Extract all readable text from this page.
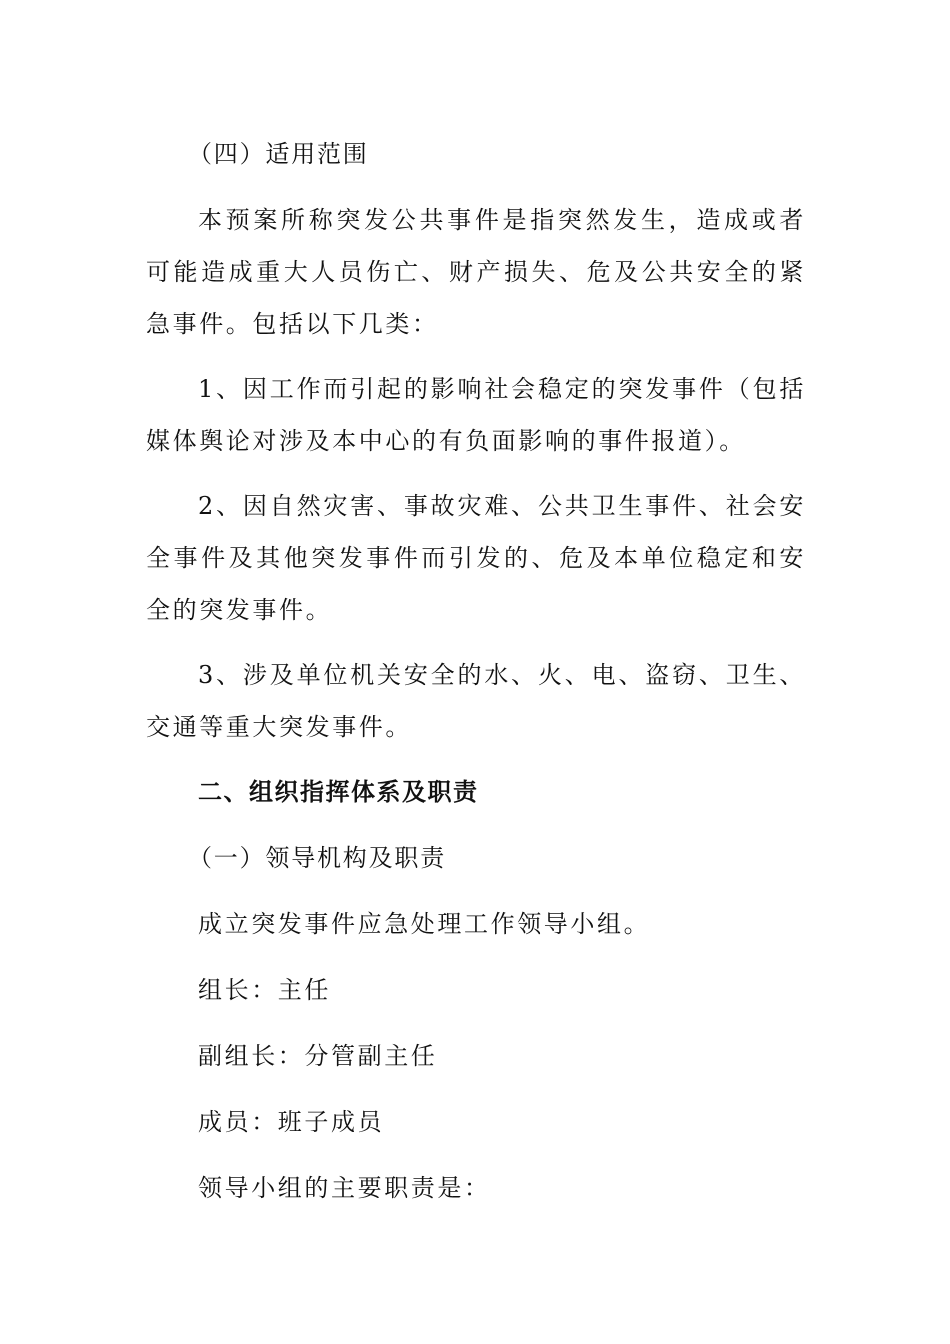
（四）适用范围

本预案所称突发公共事件是指突然发生，造成或者可能造成重大人员伤亡、财产损失、危及公共安全的紧急事件。包括以下几类：

1、因工作而引起的影响社会稳定的突发事件（包括媒体舆论对涉及本中心的有负面影响的事件报道）。

2、因自然灾害、事故灾难、公共卫生事件、社会安全事件及其他突发事件而引发的、危及本单位稳定和安全的突发事件。

3、涉及单位机关安全的水、火、电、盗窃、卫生、交通等重大突发事件。

二、组织指挥体系及职责

（一）领导机构及职责

成立突发事件应急处理工作领导小组。

组长：主任

副组长：分管副主任

成员：班子成员

领导小组的主要职责是：
